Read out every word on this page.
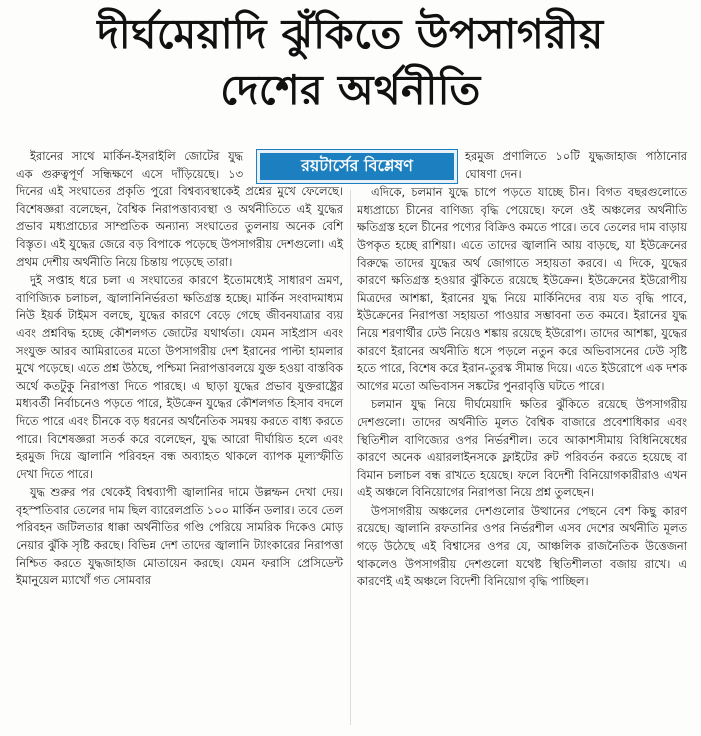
দীর্ঘমেয়াদি ঝুঁকিতে উপসাগরীয়
দেশের অর্থনীতি
রয়টার্সের বিশ্লেষণ

ইরানের সাথে মার্কিন-ইসরাইলি জোটের যুদ্ধ এক গুরুত্বপূর্ণ সন্ধিক্ষণে এসে দাঁড়িয়েছে। ১৩ দিনের এই সংঘাতের প্রকৃতি পুরো বিশ্বব্যবস্থাকেই প্রশ্নের মুখে ফেলেছে। বিশেষজ্ঞরা বলেছেন, বৈশ্বিক নিরাপত্তাব্যবস্থা ও অর্থনীতিতে এই যুদ্ধের প্রভাব মধ্যপ্রাচ্যের সাম্প্রতিক অন্যান্য সংঘাতের তুলনায় অনেক বেশি বিস্তৃত। এই যুদ্ধের জেরে বড় বিপাকে পড়েছে উপসাগরীয় দেশগুলো। এই প্রথম দেশীয় অর্থনীতি নিয়ে চিন্তায় পড়েছে তারা।

দুই সপ্তাহ ধরে চলা এ সংঘাতের কারণে ইতোমধ্যেই সাধারণ ভ্রমণ, বাণিজ্যিক চলাচল, জ্বালানিনির্ভরতা ক্ষতিগ্রস্ত হচ্ছে। মার্কিন সংবাদমাধ্যম নিউ ইয়র্ক টাইমস বলছে, যুদ্ধের কারণে বেড়ে গেছে জীবনযাত্রার ব্যয় এবং প্রশ্নবিদ্ধ হচ্ছে কৌশলগত জোটের যথার্থতা। যেমন সাইপ্রাস এবং সংযুক্ত আরব আমিরাতের মতো উপসাগরীয় দেশ ইরানের পাল্টা হামলার মুখে পড়েছে। এতে প্রশ্ন উঠছে, পশ্চিমা নিরাপত্তাবলয়ে যুক্ত হওয়া বাস্তবিক অর্থে কতটুকু নিরাপত্তা দিতে পারছে। এ ছাড়া যুদ্ধের প্রভাব যুক্তরাষ্ট্রের মধ্যবর্তী নির্বাচনেও পড়তে পারে, ইউক্রেন যুদ্ধের কৌশলগত হিসাব বদলে দিতে পারে এবং চীনকে বড় ধরনের অর্থনৈতিক সমন্বয় করতে বাধ্য করতে পারে। বিশেষজ্ঞরা সতর্ক করে বলেছেন, যুদ্ধ আরো দীর্ঘায়িত হলে এবং হরমুজ দিয়ে জ্বালানি পরিবহন বন্ধ অব্যাহত থাকলে ব্যাপক মূল্যস্ফীতি দেখা দিতে পারে।

যুদ্ধ শুরুর পর থেকেই বিশ্বব্যাপী জ্বালানির দামে উল্লম্ফন দেখা দেয়। বৃহস্পতিবার তেলের দাম ছিল ব্যারেলপ্রতি ১০০ মার্কিন ডলার। তবে তেল পরিবহন জটিলতার ধাক্কা অর্থনীতির গণ্ডি পেরিয়ে সামরিক দিকেও মোড় নেয়ার ঝুঁকি সৃষ্টি করছে। বিভিন্ন দেশ তাদের জ্বালানি ট্যাংকারের নিরাপত্তা নিশ্চিত করতে যুদ্ধজাহাজ মোতায়েন করছে। যেমন ফরাসি প্রেসিডেন্ট ইমানুয়েল ম্যাখোঁ গত সোমবার

হরমুজ প্রণালিতে ১০টি যুদ্ধজাহাজ পাঠানোর ঘোষণা দেন।

এদিকে, চলমান যুদ্ধে চাপে পড়তে যাচ্ছে চীন। বিগত বছরগুলোতে মধ্যপ্রাচ্যে চীনের বাণিজ্য বৃদ্ধি পেয়েছে। ফলে ওই অঞ্চলের অর্থনীতি ক্ষতিগ্রস্ত হলে চীনের পণ্যের বিক্রিও কমতে পারে। তবে তেলের দাম বাড়ায় উপকৃত হচ্ছে রাশিয়া। এতে তাদের জ্বালানি আয় বাড়ছে, যা ইউক্রেনের বিরুদ্ধে তাদের যুদ্ধের অর্থ জোগাতে সহায়তা করবে। এ দিকে, যুদ্ধের কারণে ক্ষতিগ্রস্ত হওয়ার ঝুঁকিতে রয়েছে ইউক্রেন। ইউক্রেনের ইউরোপীয় মিত্রদের আশঙ্কা, ইরানের যুদ্ধ নিয়ে মার্কিনিদের ব্যয় যত বৃদ্ধি পাবে, ইউক্রেনের নিরাপত্তা সহায়তা পাওয়ার সম্ভাবনা তত কমবে। ইরানের যুদ্ধ নিয়ে শরণার্থীর ঢেউ নিয়েও শঙ্কায় রয়েছে ইউরোপ। তাদের আশঙ্কা, যুদ্ধের কারণে ইরানের অর্থনীতি ধসে পড়লে নতুন করে অভিবাসনের ঢেউ সৃষ্টি হতে পারে, বিশেষ করে ইরান-তুরস্ক সীমান্ত দিয়ে। এতে ইউরোপে এক দশক আগের মতো অভিবাসন সঙ্কটের পুনরাবৃত্তি ঘটতে পারে।

চলমান যুদ্ধ নিয়ে দীর্ঘমেয়াদি ক্ষতির ঝুঁকিতে রয়েছে উপসাগরীয় দেশগুলো। তাদের অর্থনীতি মূলত বৈশ্বিক বাজারে প্রবেশাধিকার এবং স্থিতিশীল বাণিজ্যের ওপর নির্ভরশীল। তবে আকাশসীমায় বিধিনিষেধের কারণে অনেক এয়ারলাইনসকে ফ্লাইটের রুট পরিবর্তন করতে হয়েছে বা বিমান চলাচল বন্ধ রাখতে হয়েছে। ফলে বিদেশী বিনিয়োগকারীরাও এখন এই অঞ্চলে বিনিয়োগের নিরাপত্তা নিয়ে প্রশ্ন তুলছেন।

উপসাগরীয় অঞ্চলের দেশগুলোর উত্থানের পেছনে বেশ কিছু কারণ রয়েছে। জ্বালানি রফতানির ওপর নির্ভরশীল এসব দেশের অর্থনীতি মূলত গড়ে উঠেছে এই বিশ্বাসের ওপর যে, আঞ্চলিক রাজনৈতিক উত্তেজনা থাকলেও উপসাগরীয় দেশগুলো যথেষ্ট স্থিতিশীলতা বজায় রাখে। এ কারণেই এই অঞ্চলে বিদেশী বিনিয়োগ বৃদ্ধি পাচ্ছিল।
